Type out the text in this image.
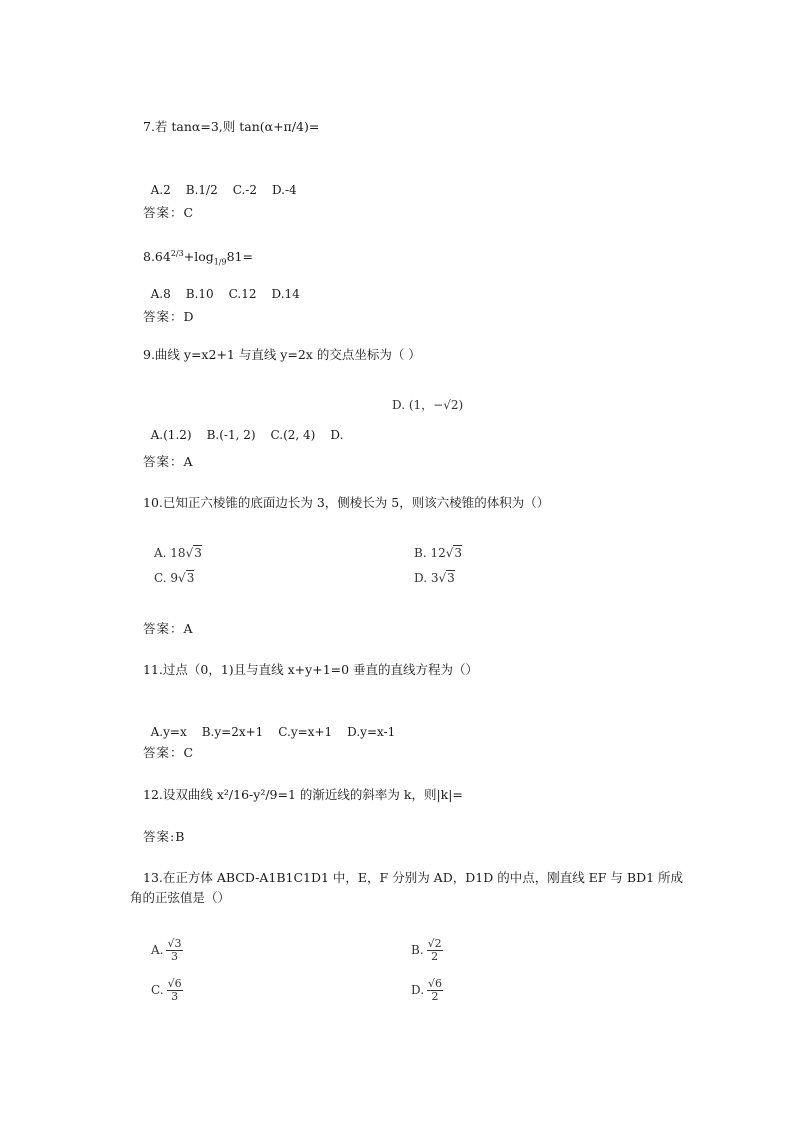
7.若 tanα=3,则 tan(α+π/4)=

A.2 B.1/2 C.-2 D.-4

答案：C
$8.64^{2/3}+\log_{1/9}81=$

A.8 B.10 C.12 D.14

答案：D
9.曲线 y=x2+1 与直线 y=2x 的交点坐标为（ ）

A.(1.2) B.(-1, 2) C.(2, 4) D.

D. (1，−√2)
答案：A
10.已知正六棱锥的底面边长为 3，侧棱长为 5，则该六棱锥的体积为（）
A. 18√3	B. 12√3
C. 9√3	D. 3√3
答案：A
11.过点（0，1)且与直线 x+y+1=0 垂直的直线方程为（）

A.y=x B.y=2x+1 C.y=x+1 D.y=x-1

答案：C
12.设双曲线 x²/16-y²/9=1 的渐近线的斜率为 k，则|k|=
答案:B
13.在正方体 ABCD-A1B1C1D1 中，E，F 分别为 AD，D1D 的中点，刚直线 EF 与 BD1 所成
角的正弦值是（）
A. $\frac{√3}{3}$	B. $\frac{√2}{2}$
C. $\frac{√6}{3}$	D. $\frac{√6}{2}$
